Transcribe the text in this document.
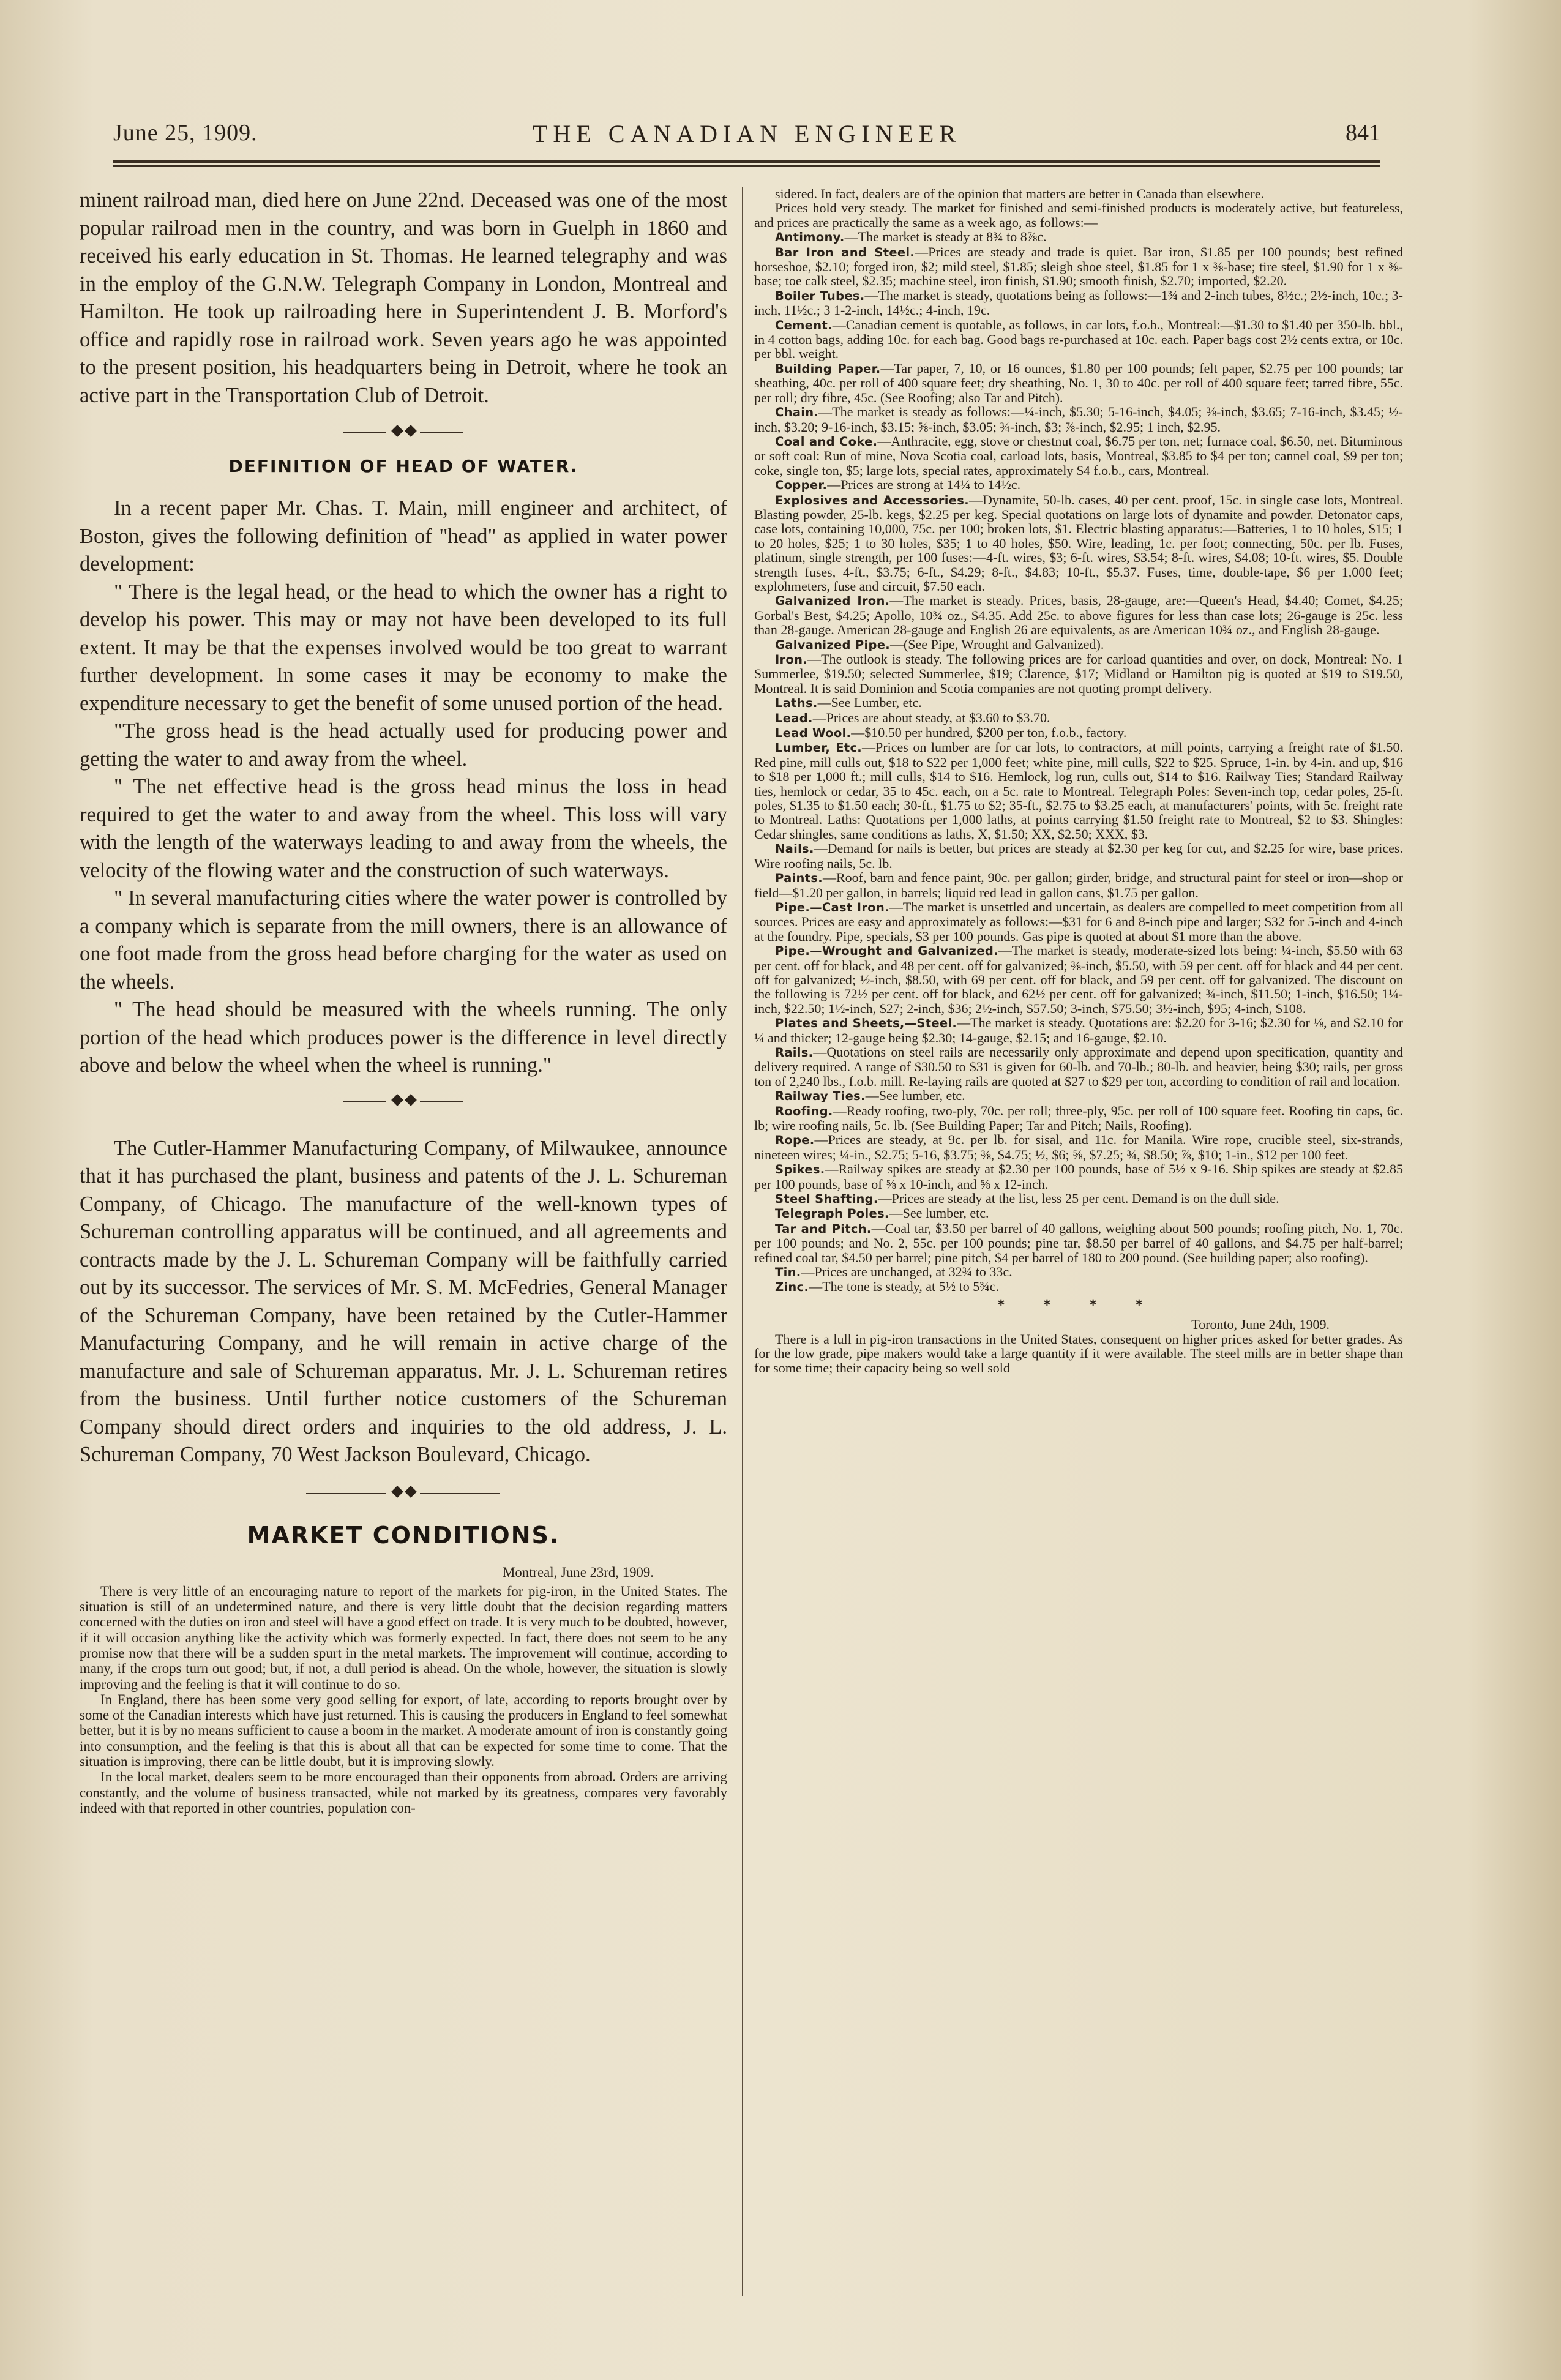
June 25, 1909.	THE CANADIAN ENGINEER	841

minent railroad man, died here on June 22nd. Deceased was one of the most popular railroad men in the country, and was born in Guelph in 1860 and received his early education in St. Thomas. He learned telegraphy and was in the employ of the G.N.W. Telegraph Company in London, Montreal and Hamilton. He took up railroading here in Superintendent J. B. Morford's office and rapidly rose in railroad work. Seven years ago he was appointed to the present position, his headquarters being in Detroit, where he took an active part in the Transportation Club of Detroit.

DEFINITION OF HEAD OF WATER.

In a recent paper Mr. Chas. T. Main, mill engineer and architect, of Boston, gives the following definition of "head" as applied in water power development:

" There is the legal head, or the head to which the owner has a right to develop his power. This may or may not have been developed to its full extent. It may be that the expenses involved would be too great to warrant further development. In some cases it may be economy to make the expenditure necessary to get the benefit of some unused portion of the head.

"The gross head is the head actually used for producing power and getting the water to and away from the wheel.

" The net effective head is the gross head minus the loss in head required to get the water to and away from the wheel. This loss will vary with the length of the waterways leading to and away from the wheels, the velocity of the flowing water and the construction of such waterways.

" In several manufacturing cities where the water power is controlled by a company which is separate from the mill owners, there is an allowance of one foot made from the gross head before charging for the water as used on the wheels.

" The head should be measured with the wheels running. The only portion of the head which produces power is the difference in level directly above and below the wheel when the wheel is running."

The Cutler-Hammer Manufacturing Company, of Milwaukee, announce that it has purchased the plant, business and patents of the J. L. Schureman Company, of Chicago. The manufacture of the well-known types of Schureman controlling apparatus will be continued, and all agreements and contracts made by the J. L. Schureman Company will be faithfully carried out by its successor. The services of Mr. S. M. McFedries, General Manager of the Schureman Company, have been retained by the Cutler-Hammer Manufacturing Company, and he will remain in active charge of the manufacture and sale of Schureman apparatus. Mr. J. L. Schureman retires from the business. Until further notice customers of the Schureman Company should direct orders and inquiries to the old address, J. L. Schureman Company, 70 West Jackson Boulevard, Chicago.

MARKET CONDITIONS.

Montreal, June 23rd, 1909.

There is very little of an encouraging nature to report of the markets for pig-iron, in the United States. The situation is still of an undetermined nature, and there is very little doubt that the decision regarding matters concerned with the duties on iron and steel will have a good effect on trade. It is very much to be doubted, however, if it will occasion anything like the activity which was formerly expected. In fact, there does not seem to be any promise now that there will be a sudden spurt in the metal markets. The improvement will continue, according to many, if the crops turn out good; but, if not, a dull period is ahead. On the whole, however, the situation is slowly improving and the feeling is that it will continue to do so.

In England, there has been some very good selling for export, of late, according to reports brought over by some of the Canadian interests which have just returned. This is causing the producers in England to feel somewhat better, but it is by no means sufficient to cause a boom in the market. A moderate amount of iron is constantly going into consumption, and the feeling is that this is about all that can be expected for some time to come. That the situation is improving, there can be little doubt, but it is improving slowly.

In the local market, dealers seem to be more encouraged than their opponents from abroad. Orders are arriving constantly, and the volume of business transacted, while not marked by its greatness, compares very favorably indeed with that reported in other countries, population con-

sidered. In fact, dealers are of the opinion that matters are better in Canada than elsewhere.

Prices hold very steady. The market for finished and semi-finished products is moderately active, but featureless, and prices are practically the same as a week ago, as follows:—

Antimony.—The market is steady at 8¾ to 8⅞c.

Bar Iron and Steel.—Prices are steady and trade is quiet. Bar iron, $1.85 per 100 pounds; best refined horseshoe, $2.10; forged iron, $2; mild steel, $1.85; sleigh shoe steel, $1.85 for 1 x ⅜-base; tire steel, $1.90 for 1 x ⅜-base; toe calk steel, $2.35; machine steel, iron finish, $1.90; smooth finish, $2.70; imported, $2.20.

Boiler Tubes.—The market is steady, quotations being as follows:—1¾ and 2-inch tubes, 8½c.; 2½-inch, 10c.; 3-inch, 11½c.; 3 1-2-inch, 14½c.; 4-inch, 19c.

Cement.—Canadian cement is quotable, as follows, in car lots, f.o.b., Montreal:—$1.30 to $1.40 per 350-lb. bbl., in 4 cotton bags, adding 10c. for each bag. Good bags re-purchased at 10c. each. Paper bags cost 2½ cents extra, or 10c. per bbl. weight.

Building Paper.—Tar paper, 7, 10, or 16 ounces, $1.80 per 100 pounds; felt paper, $2.75 per 100 pounds; tar sheathing, 40c. per roll of 400 square feet; dry sheathing, No. 1, 30 to 40c. per roll of 400 square feet; tarred fibre, 55c. per roll; dry fibre, 45c. (See Roofing; also Tar and Pitch).

Chain.—The market is steady as follows:—¼-inch, $5.30; 5-16-inch, $4.05; ⅜-inch, $3.65; 7-16-inch, $3.45; ½-inch, $3.20; 9-16-inch, $3.15; ⅝-inch, $3.05; ¾-inch, $3; ⅞-inch, $2.95; 1 inch, $2.95.

Coal and Coke.—Anthracite, egg, stove or chestnut coal, $6.75 per ton, net; furnace coal, $6.50, net. Bituminous or soft coal: Run of mine, Nova Scotia coal, carload lots, basis, Montreal, $3.85 to $4 per ton; cannel coal, $9 per ton; coke, single ton, $5; large lots, special rates, approximately $4 f.o.b., cars, Montreal.

Copper.—Prices are strong at 14¼ to 14½c.

Explosives and Accessories.—Dynamite, 50-lb. cases, 40 per cent. proof, 15c. in single case lots, Montreal. Blasting powder, 25-lb. kegs, $2.25 per keg. Special quotations on large lots of dynamite and powder. Detonator caps, case lots, containing 10,000, 75c. per 100; broken lots, $1. Electric blasting apparatus:—Batteries, 1 to 10 holes, $15; 1 to 20 holes, $25; 1 to 30 holes, $35; 1 to 40 holes, $50. Wire, leading, 1c. per foot; connecting, 50c. per lb. Fuses, platinum, single strength, per 100 fuses:—4-ft. wires, $3; 6-ft. wires, $3.54; 8-ft. wires, $4.08; 10-ft. wires, $5. Double strength fuses, 4-ft., $3.75; 6-ft., $4.29; 8-ft., $4.83; 10-ft., $5.37. Fuses, time, double-tape, $6 per 1,000 feet; explohmeters, fuse and circuit, $7.50 each.

Galvanized Iron.—The market is steady. Prices, basis, 28-gauge, are:—Queen's Head, $4.40; Comet, $4.25; Gorbal's Best, $4.25; Apollo, 10¾ oz., $4.35. Add 25c. to above figures for less than case lots; 26-gauge is 25c. less than 28-gauge. American 28-gauge and English 26 are equivalents, as are American 10¾ oz., and English 28-gauge.

Galvanized Pipe.—(See Pipe, Wrought and Galvanized).

Iron.—The outlook is steady. The following prices are for carload quantities and over, on dock, Montreal: No. 1 Summerlee, $19.50; selected Summerlee, $19; Clarence, $17; Midland or Hamilton pig is quoted at $19 to $19.50, Montreal. It is said Dominion and Scotia companies are not quoting prompt delivery.

Laths.—See Lumber, etc.

Lead.—Prices are about steady, at $3.60 to $3.70.

Lead Wool.—$10.50 per hundred, $200 per ton, f.o.b., factory.

Lumber, Etc.—Prices on lumber are for car lots, to contractors, at mill points, carrying a freight rate of $1.50. Red pine, mill culls out, $18 to $22 per 1,000 feet; white pine, mill culls, $22 to $25. Spruce, 1-in. by 4-in. and up, $16 to $18 per 1,000 ft.; mill culls, $14 to $16. Hemlock, log run, culls out, $14 to $16. Railway Ties; Standard Railway ties, hemlock or cedar, 35 to 45c. each, on a 5c. rate to Montreal. Telegraph Poles: Seven-inch top, cedar poles, 25-ft. poles, $1.35 to $1.50 each; 30-ft., $1.75 to $2; 35-ft., $2.75 to $3.25 each, at manufacturers' points, with 5c. freight rate to Montreal. Laths: Quotations per 1,000 laths, at points carrying $1.50 freight rate to Montreal, $2 to $3. Shingles: Cedar shingles, same conditions as laths, X, $1.50; XX, $2.50; XXX, $3.

Nails.—Demand for nails is better, but prices are steady at $2.30 per keg for cut, and $2.25 for wire, base prices. Wire roofing nails, 5c. lb.

Paints.—Roof, barn and fence paint, 90c. per gallon; girder, bridge, and structural paint for steel or iron—shop or field—$1.20 per gallon, in barrels; liquid red lead in gallon cans, $1.75 per gallon.

Pipe.—Cast Iron.—The market is unsettled and uncertain, as dealers are compelled to meet competition from all sources. Prices are easy and approximately as follows:—$31 for 6 and 8-inch pipe and larger; $32 for 5-inch and 4-inch at the foundry. Pipe, specials, $3 per 100 pounds. Gas pipe is quoted at about $1 more than the above.

Pipe.—Wrought and Galvanized.—The market is steady, moderate-sized lots being: ¼-inch, $5.50 with 63 per cent. off for black, and 48 per cent. off for galvanized; ⅜-inch, $5.50, with 59 per cent. off for black and 44 per cent. off for galvanized; ½-inch, $8.50, with 69 per cent. off for black, and 59 per cent. off for galvanized. The discount on the following is 72½ per cent. off for black, and 62½ per cent. off for galvanized; ¾-inch, $11.50; 1-inch, $16.50; 1¼-inch, $22.50; 1½-inch, $27; 2-inch, $36; 2½-inch, $57.50; 3-inch, $75.50; 3½-inch, $95; 4-inch, $108.

Plates and Sheets,—Steel.—The market is steady. Quotations are: $2.20 for 3-16; $2.30 for ⅛, and $2.10 for ¼ and thicker; 12-gauge being $2.30; 14-gauge, $2.15; and 16-gauge, $2.10.

Rails.—Quotations on steel rails are necessarily only approximate and depend upon specification, quantity and delivery required. A range of $30.50 to $31 is given for 60-lb. and 70-lb.; 80-lb. and heavier, being $30; rails, per gross ton of 2,240 lbs., f.o.b. mill. Re-laying rails are quoted at $27 to $29 per ton, according to condition of rail and location.

Railway Ties.—See lumber, etc.

Roofing.—Ready roofing, two-ply, 70c. per roll; three-ply, 95c. per roll of 100 square feet. Roofing tin caps, 6c. lb; wire roofing nails, 5c. lb. (See Building Paper; Tar and Pitch; Nails, Roofing).

Rope.—Prices are steady, at 9c. per lb. for sisal, and 11c. for Manila. Wire rope, crucible steel, six-strands, nineteen wires; ¼-in., $2.75; 5-16, $3.75; ⅜, $4.75; ½, $6; ⅝, $7.25; ¾, $8.50; ⅞, $10; 1-in., $12 per 100 feet.

Spikes.—Railway spikes are steady at $2.30 per 100 pounds, base of 5½ x 9-16. Ship spikes are steady at $2.85 per 100 pounds, base of ⅝ x 10-inch, and ⅝ x 12-inch.

Steel Shafting.—Prices are steady at the list, less 25 per cent. Demand is on the dull side.

Telegraph Poles.—See lumber, etc.

Tar and Pitch.—Coal tar, $3.50 per barrel of 40 gallons, weighing about 500 pounds; roofing pitch, No. 1, 70c. per 100 pounds; and No. 2, 55c. per 100 pounds; pine tar, $8.50 per barrel of 40 gallons, and $4.75 per half-barrel; refined coal tar, $4.50 per barrel; pine pitch, $4 per barrel of 180 to 200 pound. (See building paper; also roofing).

Tin.—Prices are unchanged, at 32¾ to 33c.

Zinc.—The tone is steady, at 5½ to 5¾c.

* * * *

Toronto, June 24th, 1909.

There is a lull in pig-iron transactions in the United States, consequent on higher prices asked for better grades. As for the low grade, pipe makers would take a large quantity if it were available. The steel mills are in better shape than for some time; their capacity being so well sold
